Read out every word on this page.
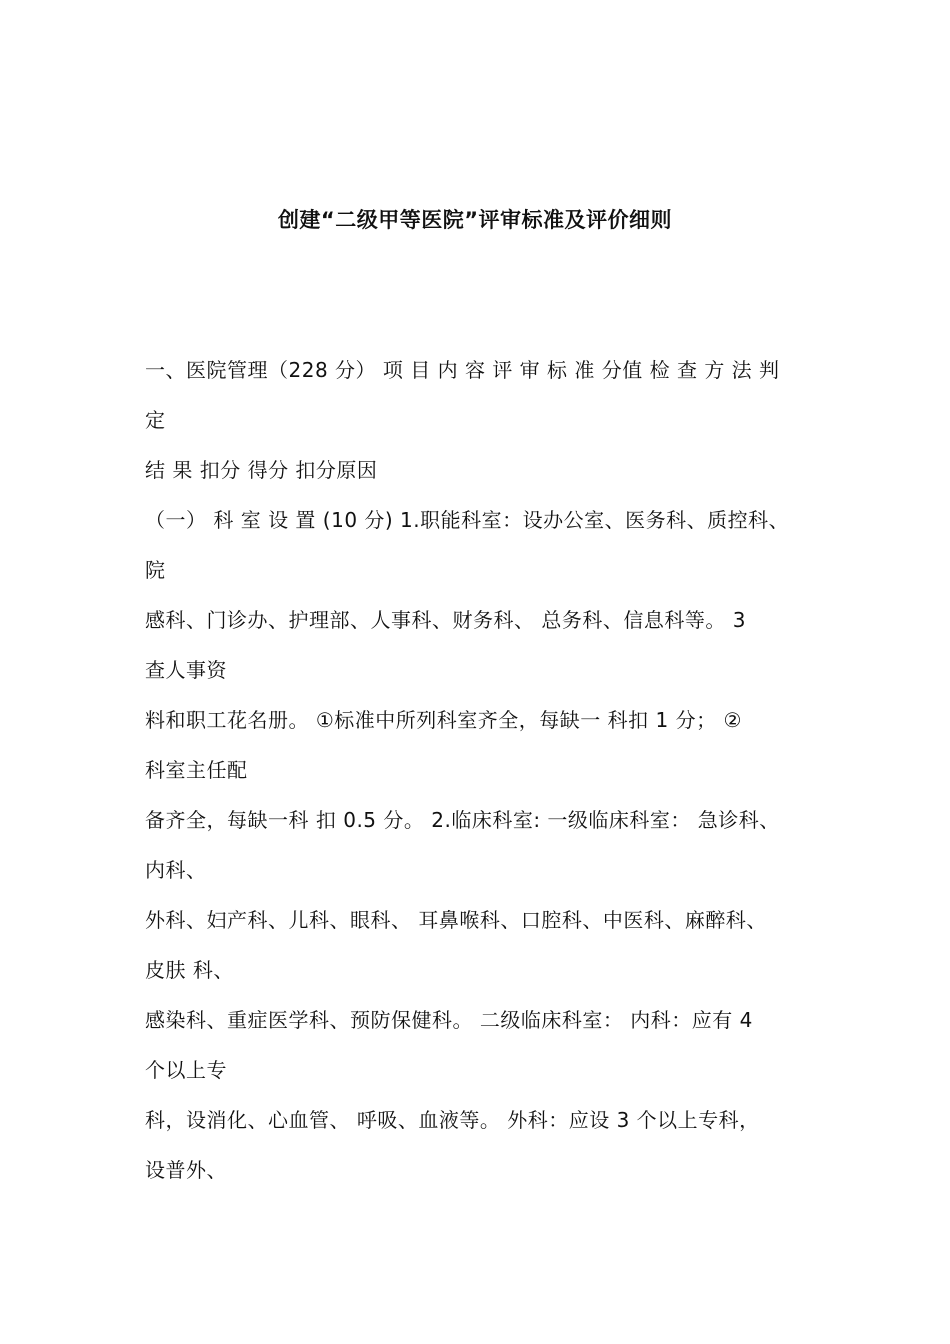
创建“二级甲等医院”评审标准及评价细则
一、医院管理（228 分） 项 目 内 容 评 审 标 准 分值 检 查 方 法 判
定
结 果 扣分 得分 扣分原因
（一） 科 室 设 置 (10 分) 1.职能科室：设办公室、医务科、质控科、
院
感科、门诊办、护理部、人事科、财务科、 总务科、信息科等。 3
查人事资
料和职工花名册。 ①标准中所列科室齐全，每缺一 科扣 1 分； ②
科室主任配
备齐全，每缺一科 扣 0.5 分。 2.临床科室: 一级临床科室： 急诊科、
内科、
外科、妇产科、儿科、眼科、 耳鼻喉科、口腔科、中医科、麻醉科、
皮肤 科、
感染科、重症医学科、预防保健科。 二级临床科室： 内科：应有 4
个以上专
科，设消化、心血管、 呼吸、血液等。 外科：应设 3 个以上专科，
设普外、
